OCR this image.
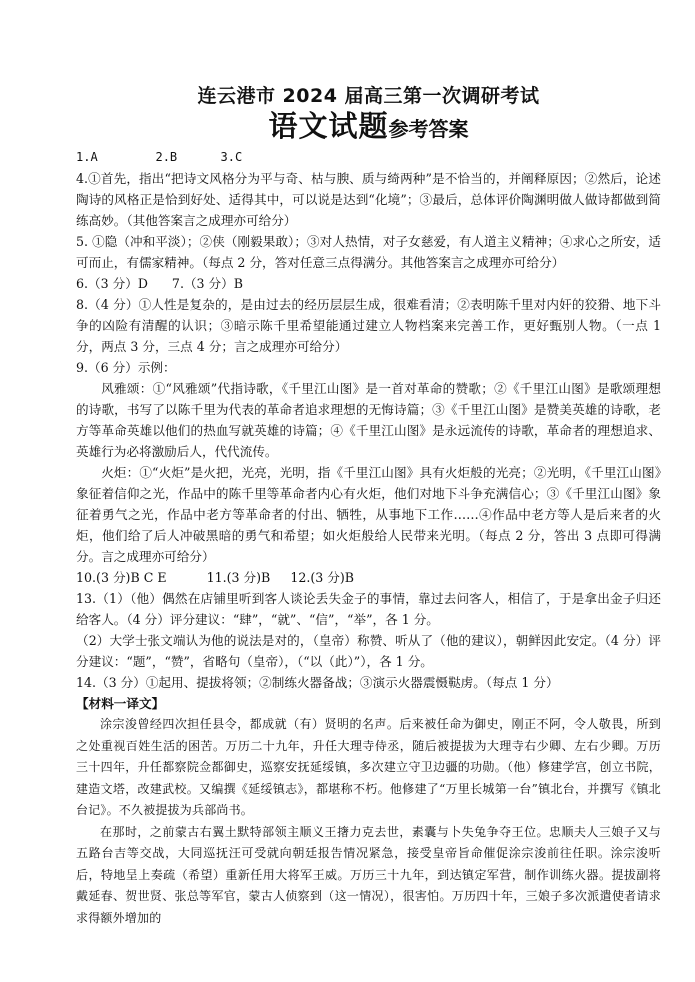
连云港市 2024 届高三第一次调研考试
语文试题参考答案

1.A        2.B      3.C

4.①首先，指出“把诗文风格分为平与奇、枯与腴、质与绮两种”是不恰当的，并阐释原因；②然后，论述陶诗的风格正是恰到好处、适得其中，可以说是达到“化境”；③最后，总体评价陶渊明做人做诗都做到简练高妙。（其他答案言之成理亦可给分）

5. ①隐（冲和平淡）；②侠（刚毅果敢）；③对人热情，对子女慈爱，有人道主义精神；④求心之所安，适可而止，有儒家精神。（每点 2 分，答对任意三点得满分。其他答案言之成理亦可给分）

6.（3 分）D      7.（3 分）B

8.（4 分）①人性是复杂的，是由过去的经历层层生成，很难看清；②表明陈千里对内奸的狡猾、地下斗争的凶险有清醒的认识；③暗示陈千里希望能通过建立人物档案来完善工作，更好甄别人物。（一点 1 分，两点 3 分，三点 4 分；言之成理亦可给分）

9.（6 分）示例：

风雅颂：①“风雅颂”代指诗歌，《千里江山图》是一首对革命的赞歌；②《千里江山图》是歌颂理想的诗歌，书写了以陈千里为代表的革命者追求理想的无悔诗篇；③《千里江山图》是赞美英雄的诗歌，老方等革命英雄以他们的热血写就英雄的诗篇；④《千里江山图》是永远流传的诗歌，革命者的理想追求、英雄行为必将激励后人，代代流传。

火炬：①“火炬”是火把，光亮，光明，指《千里江山图》具有火炬般的光亮；②光明，《千里江山图》象征着信仰之光，作品中的陈千里等革命者内心有火炬，他们对地下斗争充满信心；③《千里江山图》象征着勇气之光，作品中老方等革命者的付出、牺牲，从事地下工作……④作品中老方等人是后来者的火炬，他们给了后人冲破黑暗的勇气和希望；如火炬般给人民带来光明。（每点 2 分，答出 3 点即可得满分。言之成理亦可给分）

10.(3 分)B C E          11.(3 分)B     12.(3 分)B

13.（1）（他）偶然在店铺里听到客人谈论丢失金子的事情，靠过去问客人，相信了，于是拿出金子归还给客人。（4 分）评分建议：“肆”，“就”、“信”，“举”，各 1 分。

（2）大学士张文端认为他的说法是对的，（皇帝）称赞、听从了（他的建议），朝鲜因此安定。（4 分）评分建议：“题”，“赞”，省略句（皇帝），（“以（此）”），各 1 分。

14.（3 分）①起用、提拔将领；②制练火器备战；③演示火器震慑鞑虏。（每点 1 分）

【材料一译文】

涂宗浚曾经四次担任县令，都成就（有）贤明的名声。后来被任命为御史，刚正不阿，令人敬畏，所到之处重视百姓生活的困苦。万历二十九年，升任大理寺侍丞，随后被提拔为大理寺右少卿、左右少卿。万历三十四年，升任都察院佥都御史，巡察安抚延绥镇，多次建立守卫边疆的功勋。（他）修建学宫，创立书院，建造文塔，改建武校。又编撰《延绥镇志》，都堪称不朽。他修建了“万里长城第一台”镇北台，并撰写《镇北台记》。不久被提拔为兵部尚书。

在那时，之前蒙古右翼土默特部领主顺义王撦力克去世，素囊与卜失兔争夺王位。忠顺夫人三娘子又与五路台吉等交战，大同巡抚汪可受就向朝廷报告情况紧急，接受皇帝旨命催促涂宗浚前往任职。涂宗浚听后，特地呈上奏疏（希望）重新任用大将军王威。万历三十九年，到达镇定军营，制作训练火器。提拔副将戴延春、贺世贤、张总等军官，蒙古人侦察到（这一情况），很害怕。万历四十年，三娘子多次派遣使者请求求得额外增加的
